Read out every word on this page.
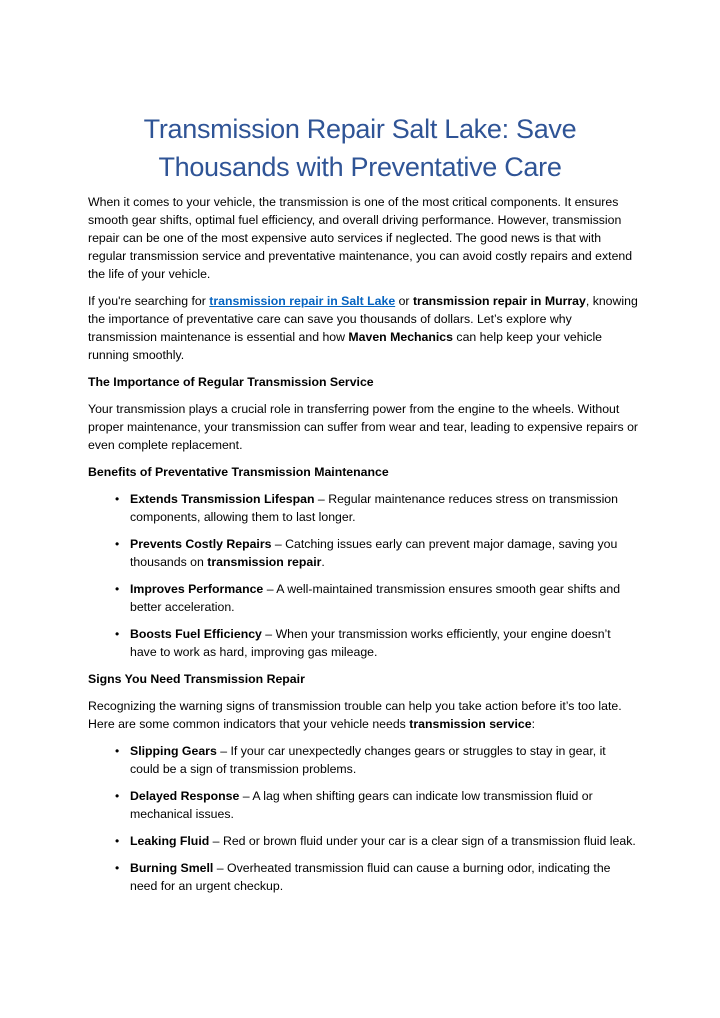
Transmission Repair Salt Lake: Save
Thousands with Preventative Care

When it comes to your vehicle, the transmission is one of the most critical components. It ensures smooth gear shifts, optimal fuel efficiency, and overall driving performance. However, transmission repair can be one of the most expensive auto services if neglected. The good news is that with regular transmission service and preventative maintenance, you can avoid costly repairs and extend the life of your vehicle.

If you're searching for transmission repair in Salt Lake or transmission repair in Murray, knowing the importance of preventative care can save you thousands of dollars. Let’s explore why transmission maintenance is essential and how Maven Mechanics can help keep your vehicle running smoothly.

The Importance of Regular Transmission Service

Your transmission plays a crucial role in transferring power from the engine to the wheels. Without proper maintenance, your transmission can suffer from wear and tear, leading to expensive repairs or even complete replacement.

Benefits of Preventative Transmission Maintenance

• Extends Transmission Lifespan – Regular maintenance reduces stress on transmission components, allowing them to last longer.
• Prevents Costly Repairs – Catching issues early can prevent major damage, saving you thousands on transmission repair.
• Improves Performance – A well-maintained transmission ensures smooth gear shifts and better acceleration.
• Boosts Fuel Efficiency – When your transmission works efficiently, your engine doesn’t have to work as hard, improving gas mileage.

Signs You Need Transmission Repair

Recognizing the warning signs of transmission trouble can help you take action before it’s too late. Here are some common indicators that your vehicle needs transmission service:

• Slipping Gears – If your car unexpectedly changes gears or struggles to stay in gear, it could be a sign of transmission problems.
• Delayed Response – A lag when shifting gears can indicate low transmission fluid or mechanical issues.
• Leaking Fluid – Red or brown fluid under your car is a clear sign of a transmission fluid leak.
• Burning Smell – Overheated transmission fluid can cause a burning odor, indicating the need for an urgent checkup.
